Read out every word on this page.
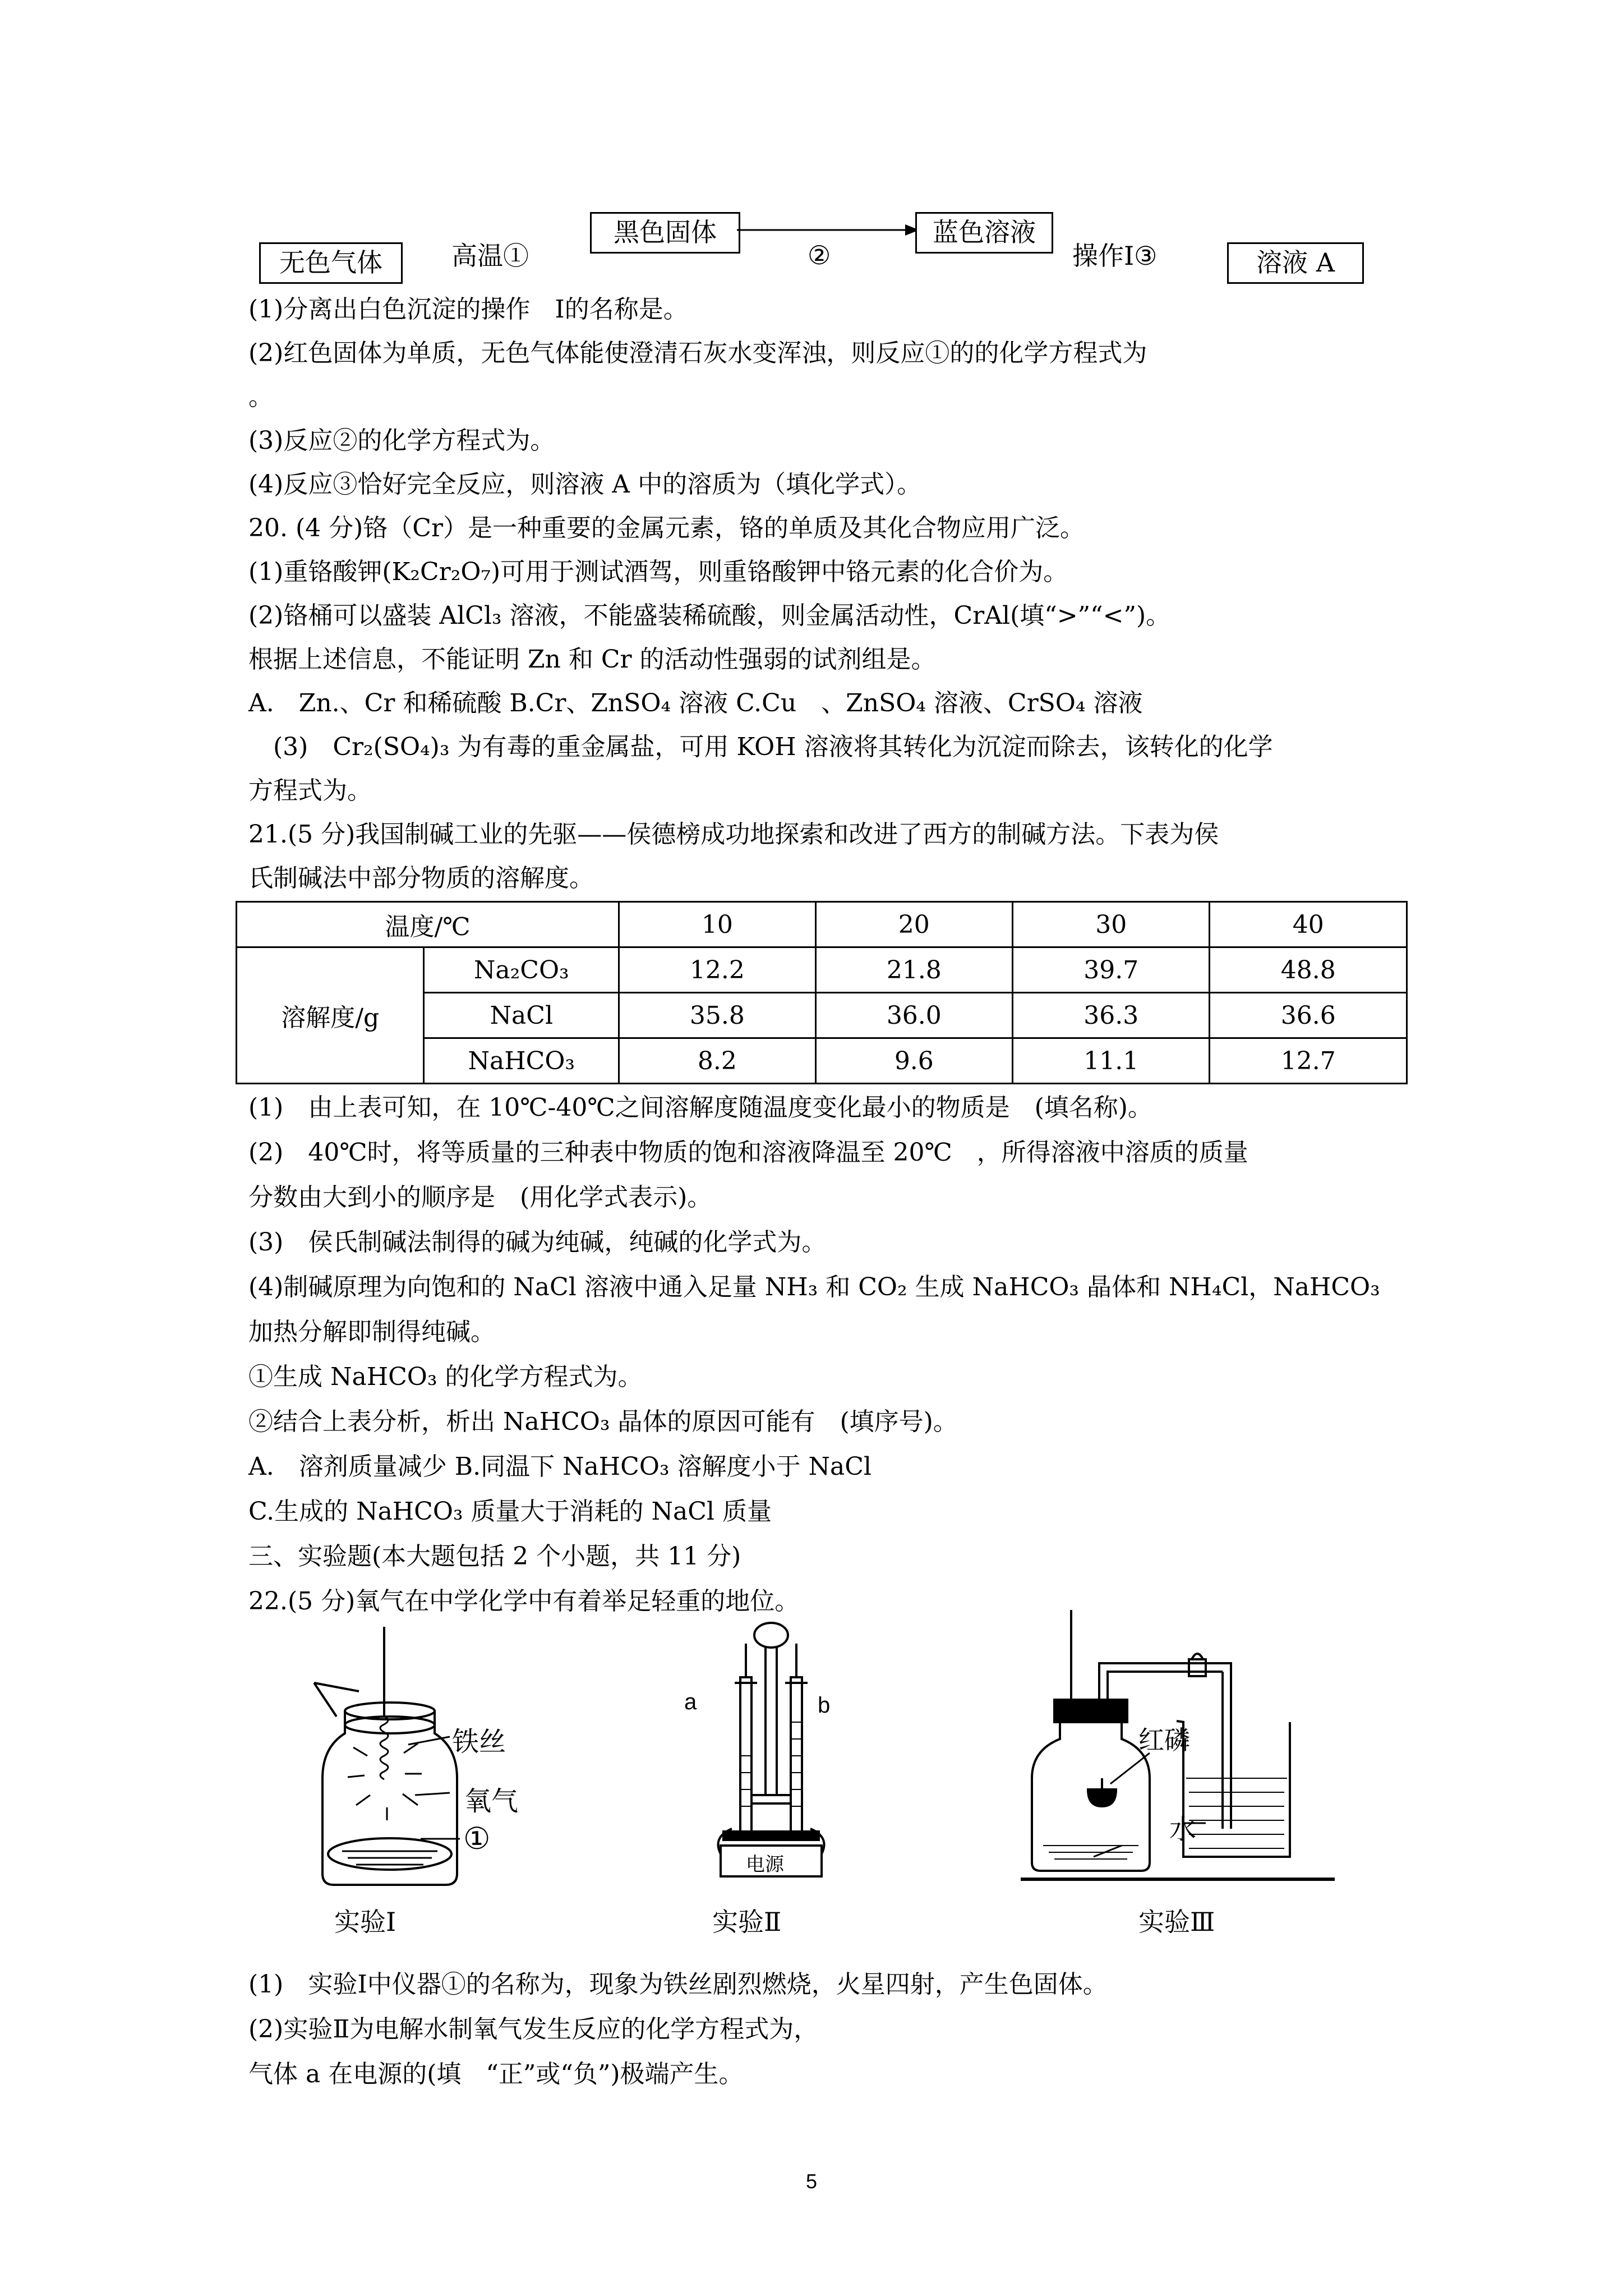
无色气体	高温①
黑色固体
②
蓝色溶液
操作Ⅰ③	溶液 A
(1)分离出白色沉淀的操作　Ⅰ的名称是。
(2)红色固体为单质，无色气体能使澄清石灰水变浑浊，则反应①的的化学方程式为
。
(3)反应②的化学方程式为。
(4)反应③恰好完全反应，则溶液 A 中的溶质为（填化学式）。
20. (4 分)铬（Cr）是一种重要的金属元素，铬的单质及其化合物应用广泛。
(1)重铬酸钾(K₂Cr₂O₇)可用于测试酒驾，则重铬酸钾中铬元素的化合价为。
(2)铬桶可以盛装 AlCl₃ 溶液，不能盛装稀硫酸，则金属活动性，CrAl(填“>”“<”)。
根据上述信息，不能证明 Zn 和 Cr 的活动性强弱的试剂组是。
A.　Zn.、Cr 和稀硫酸 B.Cr、ZnSO₄ 溶液 C.Cu　、ZnSO₄ 溶液、CrSO₄ 溶液
　(3)　Cr₂(SO₄)₃ 为有毒的重金属盐，可用 KOH 溶液将其转化为沉淀而除去，该转化的化学
方程式为。
21.(5 分)我国制碱工业的先驱——侯德榜成功地探索和改进了西方的制碱方法。下表为侯
氏制碱法中部分物质的溶解度。
温度/℃		10	20	30	40
溶解度/g	Na₂CO₃	12.2	21.8	39.7	48.8
	NaCl	35.8	36.0	36.3	36.6
	NaHCO₃	8.2	9.6	11.1	12.7
(1)　由上表可知，在 10℃-40℃之间溶解度随温度变化最小的物质是　(填名称)。
(2)　40℃时，将等质量的三种表中物质的饱和溶液降温至 20℃　，所得溶液中溶质的质量
分数由大到小的顺序是　(用化学式表示)。
(3)　侯氏制碱法制得的碱为纯碱，纯碱的化学式为。
(4)制碱原理为向饱和的 NaCl 溶液中通入足量 NH₃ 和 CO₂ 生成 NaHCO₃ 晶体和 NH₄Cl，NaHCO₃
加热分解即制得纯碱。
①生成 NaHCO₃ 的化学方程式为。
②结合上表分析，析出 NaHCO₃ 晶体的原因可能有　(填序号)。
A.　溶剂质量减少 B.同温下 NaHCO₃ 溶解度小于 NaCl
C.生成的 NaHCO₃ 质量大于消耗的 NaCl 质量
三、实验题(本大题包括 2 个小题，共 11 分)
22.(5 分)氧气在中学化学中有着举足轻重的地位。
铁丝
氧气
①
实验Ⅰ
a	b
电源
实验Ⅱ
红磷
水
实验Ⅲ
(1)　实验Ⅰ中仪器①的名称为，现象为铁丝剧烈燃烧，火星四射，产生色固体。
(2)实验Ⅱ为电解水制氧气发生反应的化学方程式为，
气体 a 在电源的(填　“正”或“负”)极端产生。
5
